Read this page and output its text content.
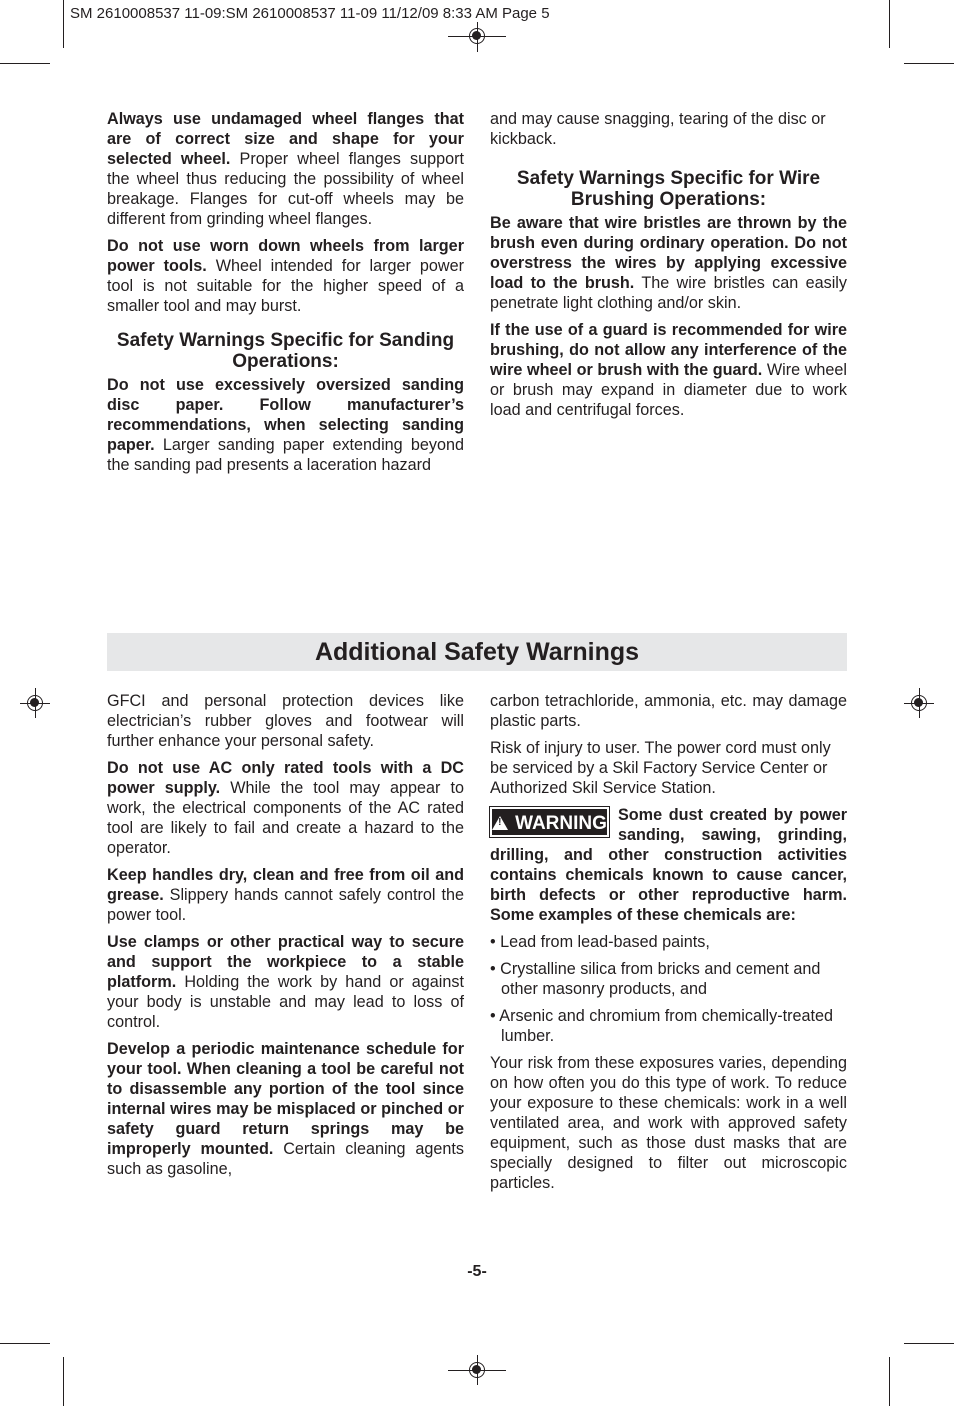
SM 2610008537 11-09:SM 2610008537 11-09 11/12/09 8:33 AM Page 5

Always use undamaged wheel flanges that are of correct size and shape for your selected wheel. Proper wheel flanges support the wheel thus reducing the possibility of wheel breakage. Flanges for cut-off wheels may be different from grinding wheel flanges.

Do not use worn down wheels from larger power tools. Wheel intended for larger power tool is not suitable for the higher speed of a smaller tool and may burst.

Safety Warnings Specific for Sanding Operations:

Do not use excessively oversized sanding disc paper. Follow manufacturer’s recommendations, when selecting sanding paper. Larger sanding paper extending beyond the sanding pad presents a laceration hazard

and may cause snagging, tearing of the disc or kickback.

Safety Warnings Specific for Wire Brushing Operations:

Be aware that wire bristles are thrown by the brush even during ordinary operation. Do not overstress the wires by applying excessive load to the brush. The wire bristles can easily penetrate light clothing and/or skin.

If the use of a guard is recommended for wire brushing, do not allow any interference of the wire wheel or brush with the guard. Wire wheel or brush may expand in diameter due to work load and centrifugal forces.

Additional Safety Warnings

GFCI and personal protection devices like electrician’s rubber gloves and footwear will further enhance your personal safety.

Do not use AC only rated tools with a DC power supply. While the tool may appear to work, the electrical components of the AC rated tool are likely to fail and create a hazard to the operator.

Keep handles dry, clean and free from oil and grease. Slippery hands cannot safely control the power tool.

Use clamps or other practical way to secure and support the workpiece to a stable platform. Holding the work by hand or against your body is unstable and may lead to loss of control.

Develop a periodic maintenance schedule for your tool. When cleaning a tool be careful not to disassemble any portion of the tool since internal wires may be misplaced or pinched or safety guard return springs may be improperly mounted. Certain cleaning agents such as gasoline,

carbon tetrachloride, ammonia, etc. may damage plastic parts.

Risk of injury to user. The power cord must only be serviced by a Skil Factory Service Center or Authorized Skil Service Station.

!WARNING Some dust created by power sanding, sawing, grinding, drilling, and other construction activities contains chemicals known to cause cancer, birth defects or other reproductive harm. Some examples of these chemicals are:

• Lead from lead-based paints,

• Crystalline silica from bricks and cement and other masonry products, and

• Arsenic and chromium from chemically-treated lumber.

Your risk from these exposures varies, depending on how often you do this type of work. To reduce your exposure to these chemicals: work in a well ventilated area, and work with approved safety equipment, such as those dust masks that are specially designed to filter out microscopic particles.

-5-
